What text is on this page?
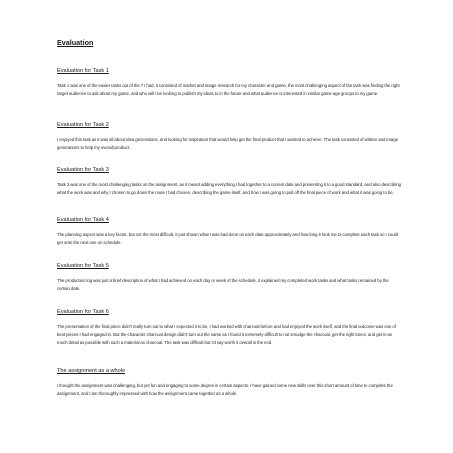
Evaluation

Evaluation for Task 1

Task 1 was one of the easier tasks out of the 7 I had, it consisted of market and image research for my character and game, the most challenging aspect of the task was finding the right target audience to ask about my game, and who will I be looking to publish my ideas to in the future and what audience is interested in similar game age groups to my game.

Evaluation for Task 2

I enjoyed this task as it was all about idea generations, and looking for inspiration that would help get the final product that I wanted to achieve. The task consisted of written and image generations to help my overall product.

Evaluation for Task 3

Task 3 was one of the most challenging tasks on the assignment, as it meant adding everything I had together to a current date and presenting it to a good standard, and also describing what the work was and why I chosen to go down the route I had chosen, describing the game itself, and how I was going to pull off the final piece of work and what it was going to be.

Evaluation for Task 4

The planning aspect was a key factor, but not the most difficult, it just shown what I was had done on each date approximately and how long it took me to complete each task so I could get onto the next one on schedule.

Evaluation for Task 5

The production log was just a brief description of what I had achieved on each day or week of the schedule, it explained my completed work tasks and what tasks remained by the certain date.

Evaluation for Task 6

The presentation of the final piece didn't really turn out to what I expected it to be, I had worked with charcoal before and had enjoyed the work itself, and the final outcome was one of best pieces I had engaged in. But the character charcoal design didn't turn out the same as I found it extremely difficult to not smudge the charcoal, get the right tones, and get in as much detail as possible with such a material as charcoal. The task was difficult but I'd say worth it overall in the end.

The assignment as a whole

I thought the assignment was challenging, but yet fun and engaging to some degree in certain aspects, I have gained some new skills over this short amount of time to complete the assignment, and I am thoroughly impressed with how the assignment came together as a whole.
